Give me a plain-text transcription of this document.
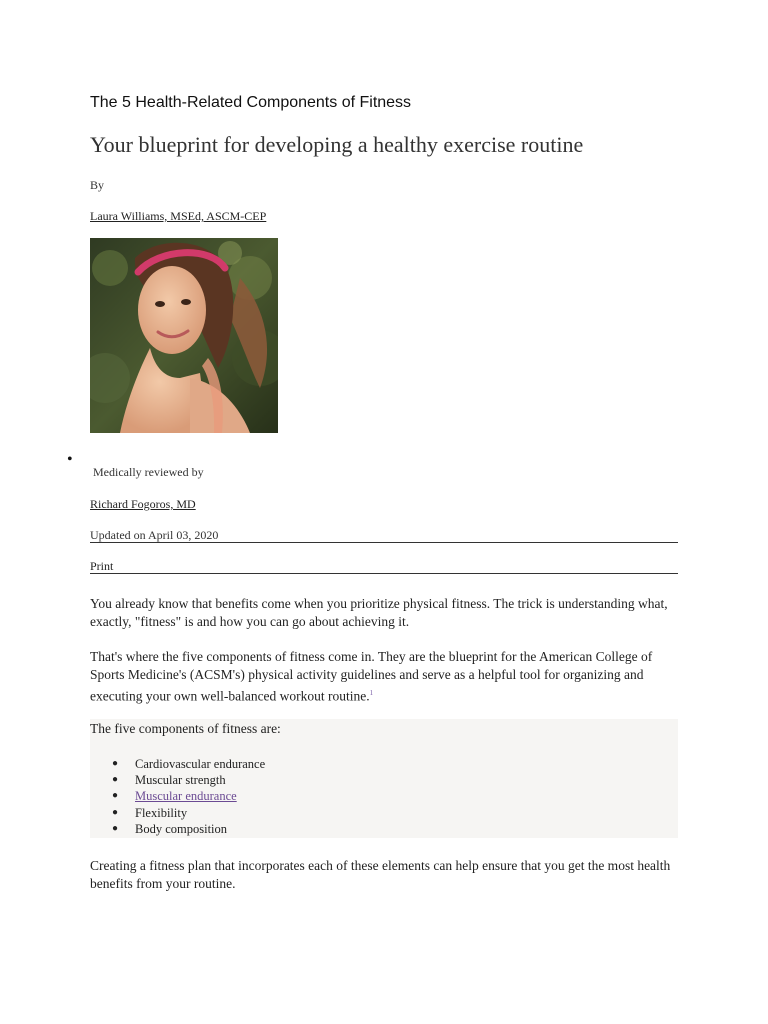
The 5 Health-Related Components of Fitness
Your blueprint for developing a healthy exercise routine
By
Laura Williams, MSEd, ASCM-CEP
•
Medically reviewed by
Richard Fogoros, MD
Updated on April 03, 2020
Print
You already know that benefits come when you prioritize physical fitness. The trick is understanding what, exactly, "fitness" is and how you can go about achieving it.
That's where the five components of fitness come in. They are the blueprint for the American College of Sports Medicine's (ACSM's) physical activity guidelines and serve as a helpful tool for organizing and executing your own well-balanced workout routine.$^1$
The five components of fitness are:
● Cardiovascular endurance
● Muscular strength
● Muscular endurance
● Flexibility
● Body composition
Creating a fitness plan that incorporates each of these elements can help ensure that you get the most health benefits from your routine.
